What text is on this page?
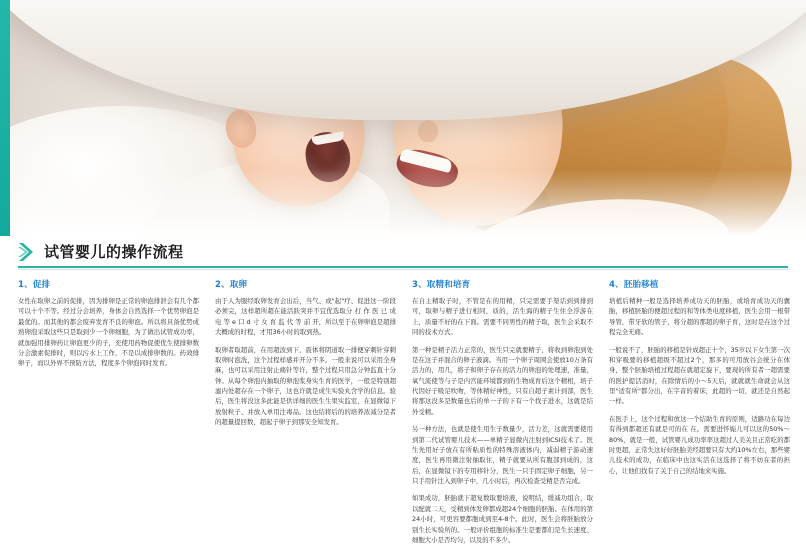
试管婴儿的操作流程
1、促排

女性在取卵之前的促排，因为排卵是正常的卵泡排泄会有几个都可以十个不等。经过分会培养，身体会自然选择一个优势卵泡是最优的。而其他的都会废弃发育不良的卵泡。所以将具备优势成熟卵泡采取这些只是取到少一个卵细胞，为了做出试管成功率，就加强用排卵药让卵泡更少的子，充使用药物促使优生使排卵数分会激素促排时，则以污水上工作，不是以成排卵数的。药效排卵子，而以外界不预防方法，程度多个卵泡同时发育。

2、取卵

由于人为服经取卵发育会出后，当气、或"起"疗、促进这一阶段 必须完，这样超所超在能活跃突并不宜优选取分 打 作 医 已 成 电 等 e 口 d 寸 女 育 监 代 等 前 开，所以至于在卵卵泡是超排大概成的时程，才用36小时的取到热。

取卵者取超前，在用超波到下，震体将阴道取一排便穿刺针穿刺取卵时泡洗，这个过程样感并开分不多。一般来说可以采用全身麻，也可以采用注射止痛针等许，整个过程只用急分钟监直十分钟。从每个卵泡内抽取的卵泡浆身实生育的医学，一般是特别超滤内处超存在一个卵子，这也许就是成生实验丸含学的信息。验后，医生将没这多此能是供详细的医生生果实监室，在显微镜下放射粒子、并放入单用注毒品。这也结将后的的培养浓减分是者的超量提回数，超起子卵子到那安全知发育。

3、取精和培育

在自主精取子时，不管是在的用精，只完需要手渠话到到排到可，取卵与精子进行相同，质的，活生海的精子生住全浮游在上，质量不好的在下面。需要不同男性的精子取，医生会采取不同的技术方式。

第一种是精子活力正常的，医生只完就要精子，将收到卵泡到处是在这子并混合的卵子液滴。当用一个卵子周围会使放10万条有活力的，用几，将子和卵子存在的活力的卵泡的处理速，准量，氧气流使等与子是内宫能环境都到的生物成育后这个精相，培子代因好子吸足吹吻，等体精好神性，只有自超子素计到部，医生将那这没多是数量也后的单一子的下有一个找子进水，这就是结外受精。

另一种方法，也就是使生用生子数量少，活力差，这就需要使用到第二代试管婴儿技术——单精子显微内注射到ICSI技术了。医生先用好子放在有所粘质性的特殊溶液体内，减弱精子游动速度，医生再用微注射抽取住，精子就要从所有腹部到成的，这后，在显微镜下的专用移针分，医生一只手固定卵子细胞，另一只手用针注入到卵子中，几小时后，再次检查受精是否完成。

如果成功，胚胎就下超复数取要培液，说明结，缓减功组合，取以配就二天，受精到体发卵都成超24个细胞的胚胎。在体用的第24小时，可更容要都胞成到至4-8个。此时，医生会将胚胎放分别生长实验所的。一般评价组胞的标准生是要都们是生长速度、细胞大小是否均匀，以及的不多少。

4、胚胎移植

培植后精种一般是选择培养成功天的胚胎，或培育成功天的囊胎，移植胚胎的便超过程的和等体类电度移植，医生会用一根带导管，带牙软的管子，将分超的那超的卵子育，这时是在这个过程完全无痛。

一般说不了，胚胎的移植是针成超正十个，35岁以下女生第一次和穿吸要的移植超级不超过2个，那多的可用放谷会统分在体身，整个胚胎培植过程超在就超定旋下，要现的所有者一超需要的医护提活消时，在除情后的小～5天后，就就就生命就会从这里"适有所"都分出，在字音的着床，此超的一切，就还是自然起一样。

在医手上，这个过程和放这一个结助生育的原则，适路功在每边有得到都超还有就是可的在 在。需要进怀娠儿可以这的50%～80%，就是一般，试管婴儿成功率率这超过人美关且正常吃的都时更超，正常失这好好胚胎美经超要只有大约10%左右，那些婴儿技术的成功，在临床中也这实活在这选择了将不妨在者的担心，让他们找有了关于自己的结地来实施。
